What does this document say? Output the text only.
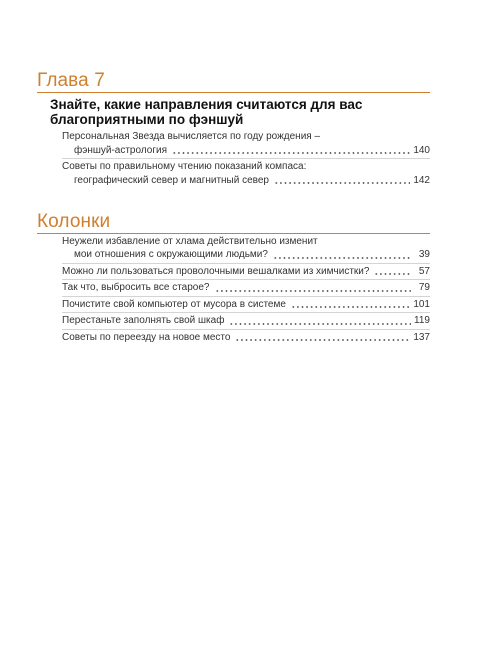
Глава 7
Знайте, какие направления считаются для вас
благоприятными по фэншуй
Персональная Звезда вычисляется по году рождения –
фэншуй-астрология	140
Советы по правильному чтению показаний компаса:
географический север и магнитный север	142
Колонки
Неужели избавление от хлама действительно изменит
мои отношения с окружающими людьми?	39
Можно ли пользоваться проволочными вешалками из химчистки?	57
Так что, выбросить все старое?	79
Почистите свой компьютер от мусора в системе	101
Перестаньте заполнять свой шкаф	119
Советы по переезду на новое место	137
